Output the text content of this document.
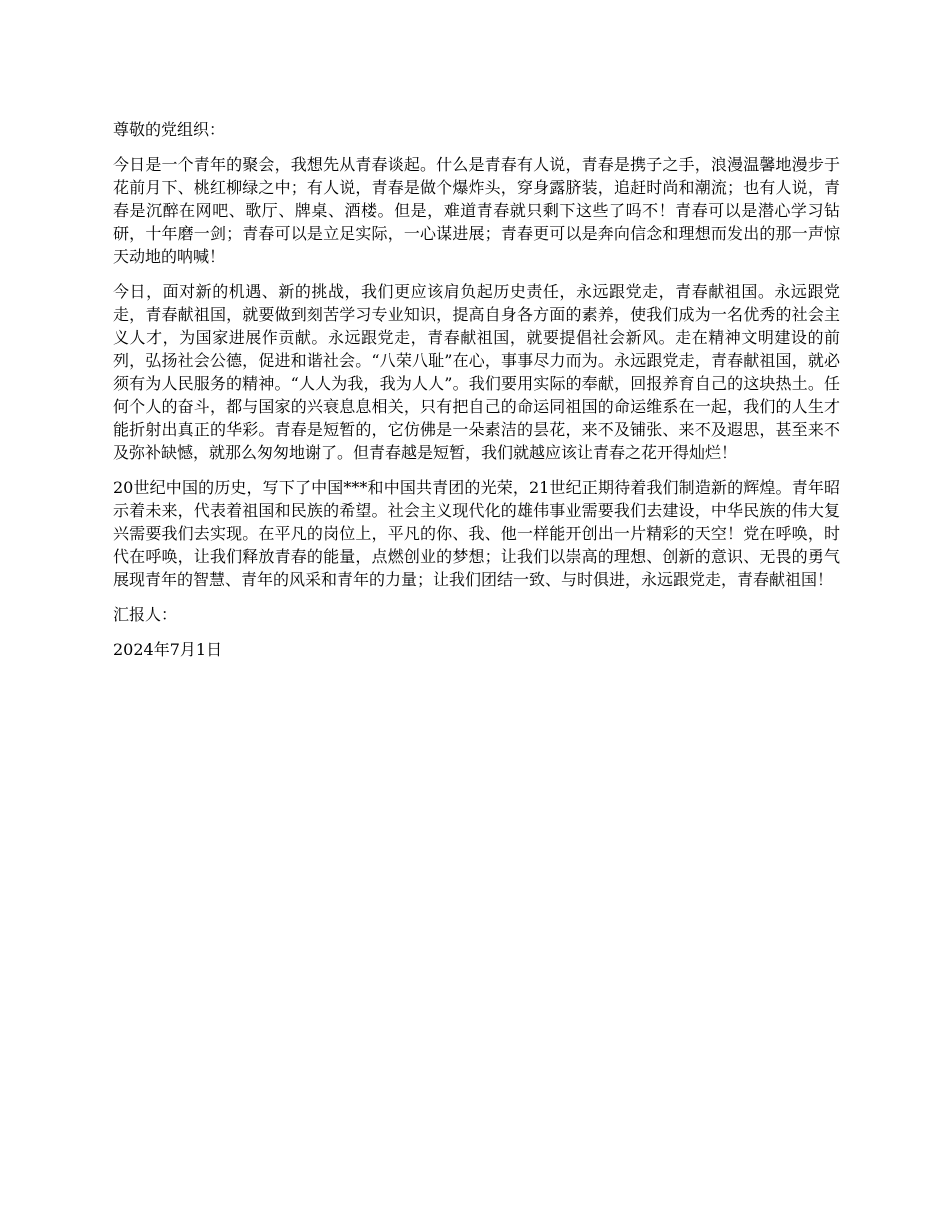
尊敬的党组织：

今日是一个青年的聚会，我想先从青春谈起。什么是青春有人说，青春是携子之手，浪漫温馨地漫步于花前月下、桃红柳绿之中；有人说，青春是做个爆炸头，穿身露脐装，追赶时尚和潮流；也有人说，青春是沉醉在网吧、歌厅、牌桌、酒楼。但是，难道青春就只剩下这些了吗不！青春可以是潜心学习钻研，十年磨一剑；青春可以是立足实际，一心谋进展；青春更可以是奔向信念和理想而发出的那一声惊天动地的呐喊！

今日，面对新的机遇、新的挑战，我们更应该肩负起历史责任，永远跟党走，青春献祖国。永远跟党走，青春献祖国，就要做到刻苦学习专业知识，提高自身各方面的素养，使我们成为一名优秀的社会主义人才，为国家进展作贡献。永远跟党走，青春献祖国，就要提倡社会新风。走在精神文明建设的前列，弘扬社会公德，促进和谐社会。“八荣八耻”在心，事事尽力而为。永远跟党走，青春献祖国，就必须有为人民服务的精神。“人人为我，我为人人”。我们要用实际的奉献，回报养育自己的这块热土。任何个人的奋斗，都与国家的兴衰息息相关，只有把自己的命运同祖国的命运维系在一起，我们的人生才能折射出真正的华彩。青春是短暂的，它仿佛是一朵素洁的昙花，来不及铺张、来不及遐思，甚至来不及弥补缺憾，就那么匆匆地谢了。但青春越是短暂，我们就越应该让青春之花开得灿烂！

20世纪中国的历史，写下了中国***和中国共青团的光荣，21世纪正期待着我们制造新的辉煌。青年昭示着未来，代表着祖国和民族的希望。社会主义现代化的雄伟事业需要我们去建设，中华民族的伟大复兴需要我们去实现。在平凡的岗位上，平凡的你、我、他一样能开创出一片精彩的天空！党在呼唤，时代在呼唤，让我们释放青春的能量，点燃创业的梦想；让我们以崇高的理想、创新的意识、无畏的勇气展现青年的智慧、青年的风采和青年的力量；让我们团结一致、与时俱进，永远跟党走，青春献祖国！

汇报人：

2024年7月1日
